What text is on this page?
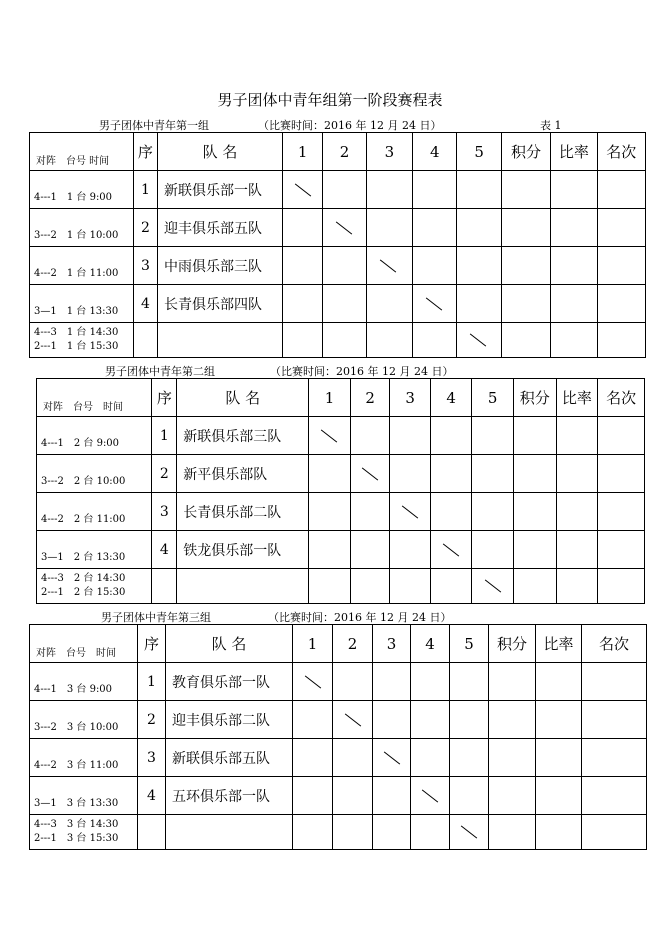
男子团体中青年组第一阶段赛程表
男子团体中青年第一组	（比赛时间：2016 年 12 月 24 日）	表 1
对阵　台号 时间	序	队 名	1	2	3	4	5	积分	比率	名次
4---1　1 台 9:00	1	新联俱乐部一队	

3---2　1 台 10:00	2	迎丰俱乐部五队		

4---2　1 台 11:00	3	中雨俱乐部三队			

3—1　1 台 13:30	4	长青俱乐部四队				

4---3　1 台 14:30
2---1　1 台 15:30										

男子团体中青年第二组	（比赛时间：2016 年 12 月 24 日）
对阵　台号　时间	序	队 名	1	2	3	4	5	积分	比率	名次
4---1　2 台 9:00	1	新联俱乐部三队	

3---2　2 台 10:00	2	新平俱乐部队		

4---2　2 台 11:00	3	长青俱乐部二队			

3—1　2 台 13:30	4	铁龙俱乐部一队				

4---3　2 台 14:30
2---1　2 台 15:30										

男子团体中青年第三组	（比赛时间：2016 年 12 月 24 日）
对阵　台号　时间	序	队 名	1	2	3	4	5	积分	比率	名次
4---1　3 台 9:00	1	教育俱乐部一队	

3---2　3 台 10:00	2	迎丰俱乐部二队		

4---2　3 台 11:00	3	新联俱乐部五队			

3—1　3 台 13:30	4	五环俱乐部一队				

4---3　3 台 14:30
2---1　3 台 15:30										
